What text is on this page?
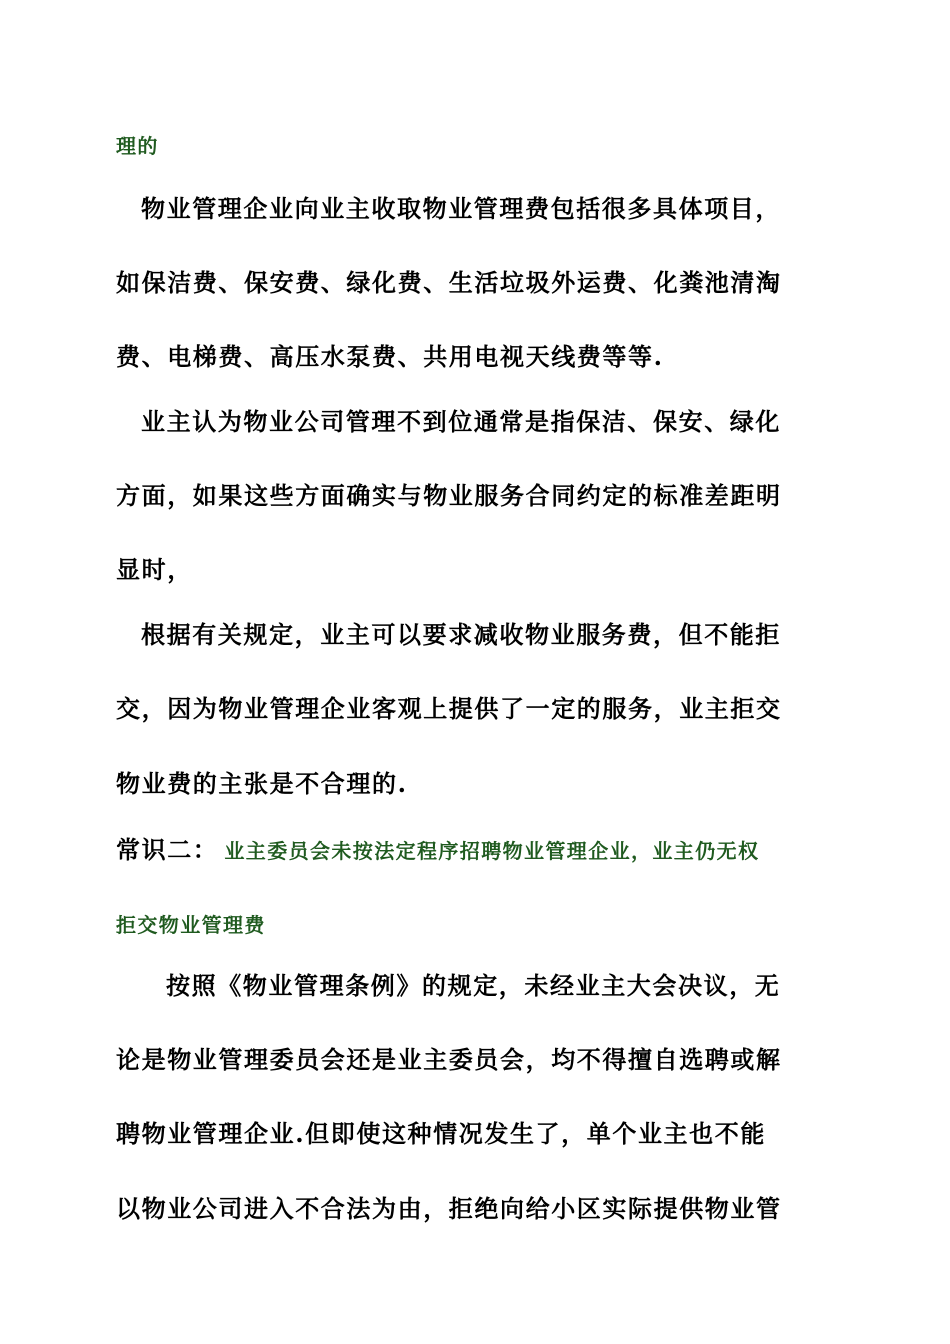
理的
物业管理企业向业主收取物业管理费包括很多具体项目，
如保洁费、保安费、绿化费、生活垃圾外运费、化粪池清淘
费、电梯费、高压水泵费、共用电视天线费等等.
业主认为物业公司管理不到位通常是指保洁、保安、绿化
方面，如果这些方面确实与物业服务合同约定的标准差距明
显时，
根据有关规定，业主可以要求减收物业服务费，但不能拒
交，因为物业管理企业客观上提供了一定的服务，业主拒交
物业费的主张是不合理的.
常识二： 业主委员会未按法定程序招聘物业管理企业，业主仍无权
拒交物业管理费
按照《物业管理条例》的规定，未经业主大会决议，无
论是物业管理委员会还是业主委员会，均不得擅自选聘或解
聘物业管理企业.但即使这种情况发生了，单个业主也不能
以物业公司进入不合法为由，拒绝向给小区实际提供物业管
